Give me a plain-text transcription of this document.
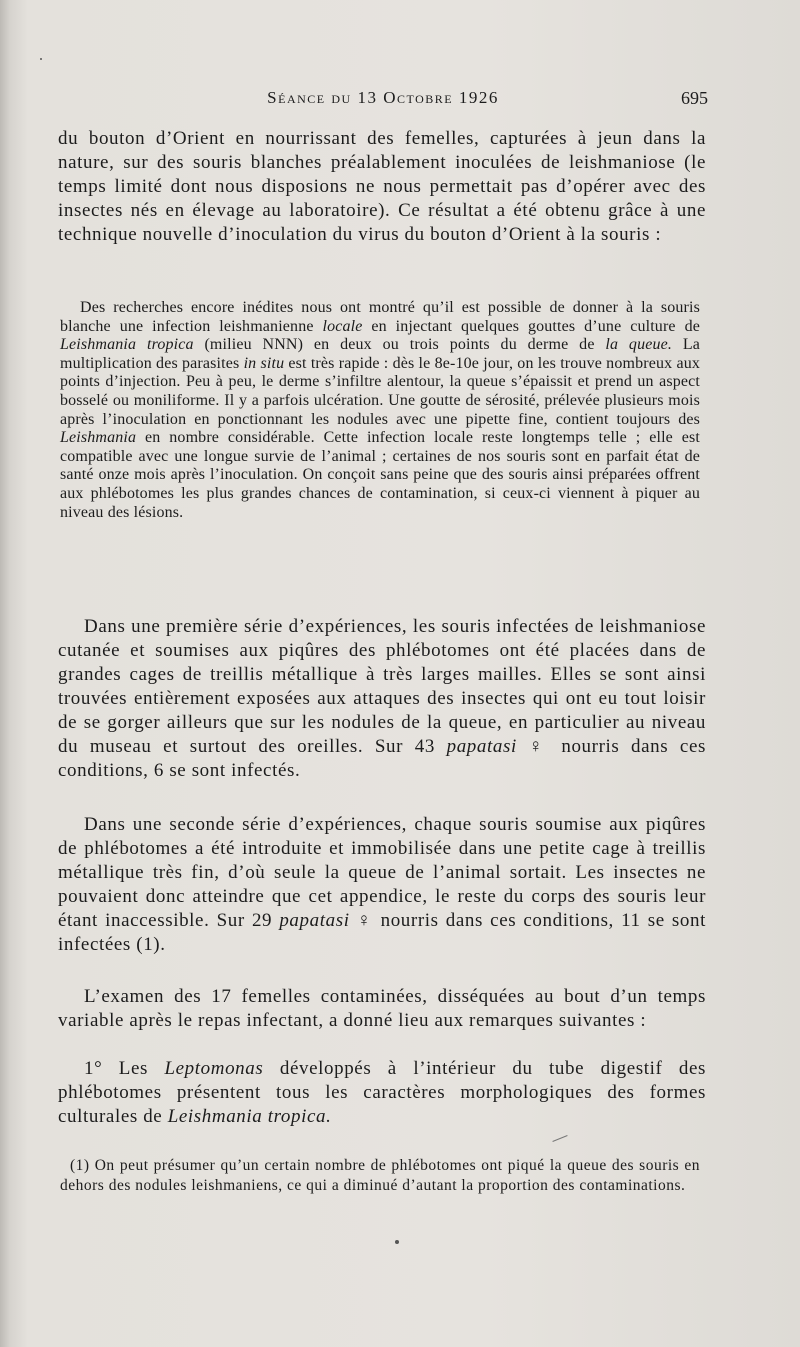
Séance du 13 Octobre 1926	695

du bouton d’Orient en nourrissant des femelles, capturées à jeun dans la nature, sur des souris blanches préalablement inoculées de leishmaniose (le temps limité dont nous disposions ne nous permettait pas d’opérer avec des insectes nés en élevage au laboratoire). Ce résultat a été obtenu grâce à une technique nouvelle d’inoculation du virus du bouton d’Orient à la souris :

Des recherches encore inédites nous ont montré qu’il est possible de donner à la souris blanche une infection leishmanienne locale en injectant quelques gouttes d’une culture de Leishmania tropica (milieu NNN) en deux ou trois points du derme de la queue. La multiplication des parasites in situ est très rapide : dès le 8e-10e jour, on les trouve nombreux aux points d’injection. Peu à peu, le derme s’infiltre alentour, la queue s’épaissit et prend un aspect bosselé ou moniliforme. Il y a parfois ulcération. Une goutte de sérosité, prélevée plusieurs mois après l’inoculation en ponctionnant les nodules avec une pipette fine, contient toujours des Leishmania en nombre considérable. Cette infection locale reste longtemps telle ; elle est compatible avec une longue survie de l’animal ; certaines de nos souris sont en parfait état de santé onze mois après l’inoculation. On conçoit sans peine que des souris ainsi préparées offrent aux phlébotomes les plus grandes chances de contamination, si ceux-ci viennent à piquer au niveau des lésions.

Dans une première série d’expériences, les souris infectées de leishmaniose cutanée et soumises aux piqûres des phlébotomes ont été placées dans de grandes cages de treillis métallique à très larges mailles. Elles se sont ainsi trouvées entièrement exposées aux attaques des insectes qui ont eu tout loisir de se gorger ailleurs que sur les nodules de la queue, en particulier au niveau du museau et surtout des oreilles. Sur 43 papatasi ♀ nourris dans ces conditions, 6 se sont infectés.

Dans une seconde série d’expériences, chaque souris soumise aux piqûres de phlébotomes a été introduite et immobilisée dans une petite cage à treillis métallique très fin, d’où seule la queue de l’animal sortait. Les insectes ne pouvaient donc atteindre que cet appendice, le reste du corps des souris leur étant inaccessible. Sur 29 papatasi ♀ nourris dans ces conditions, 11 se sont infectées (1).

L’examen des 17 femelles contaminées, disséquées au bout d’un temps variable après le repas infectant, a donné lieu aux remarques suivantes :

1° Les Leptomonas développés à l’intérieur du tube digestif des phlébotomes présentent tous les caractères morphologiques des formes culturales de Leishmania tropica.

(1) On peut présumer qu’un certain nombre de phlébotomes ont piqué la queue des souris en dehors des nodules leishmaniens, ce qui a diminué d’autant la proportion des contaminations.
